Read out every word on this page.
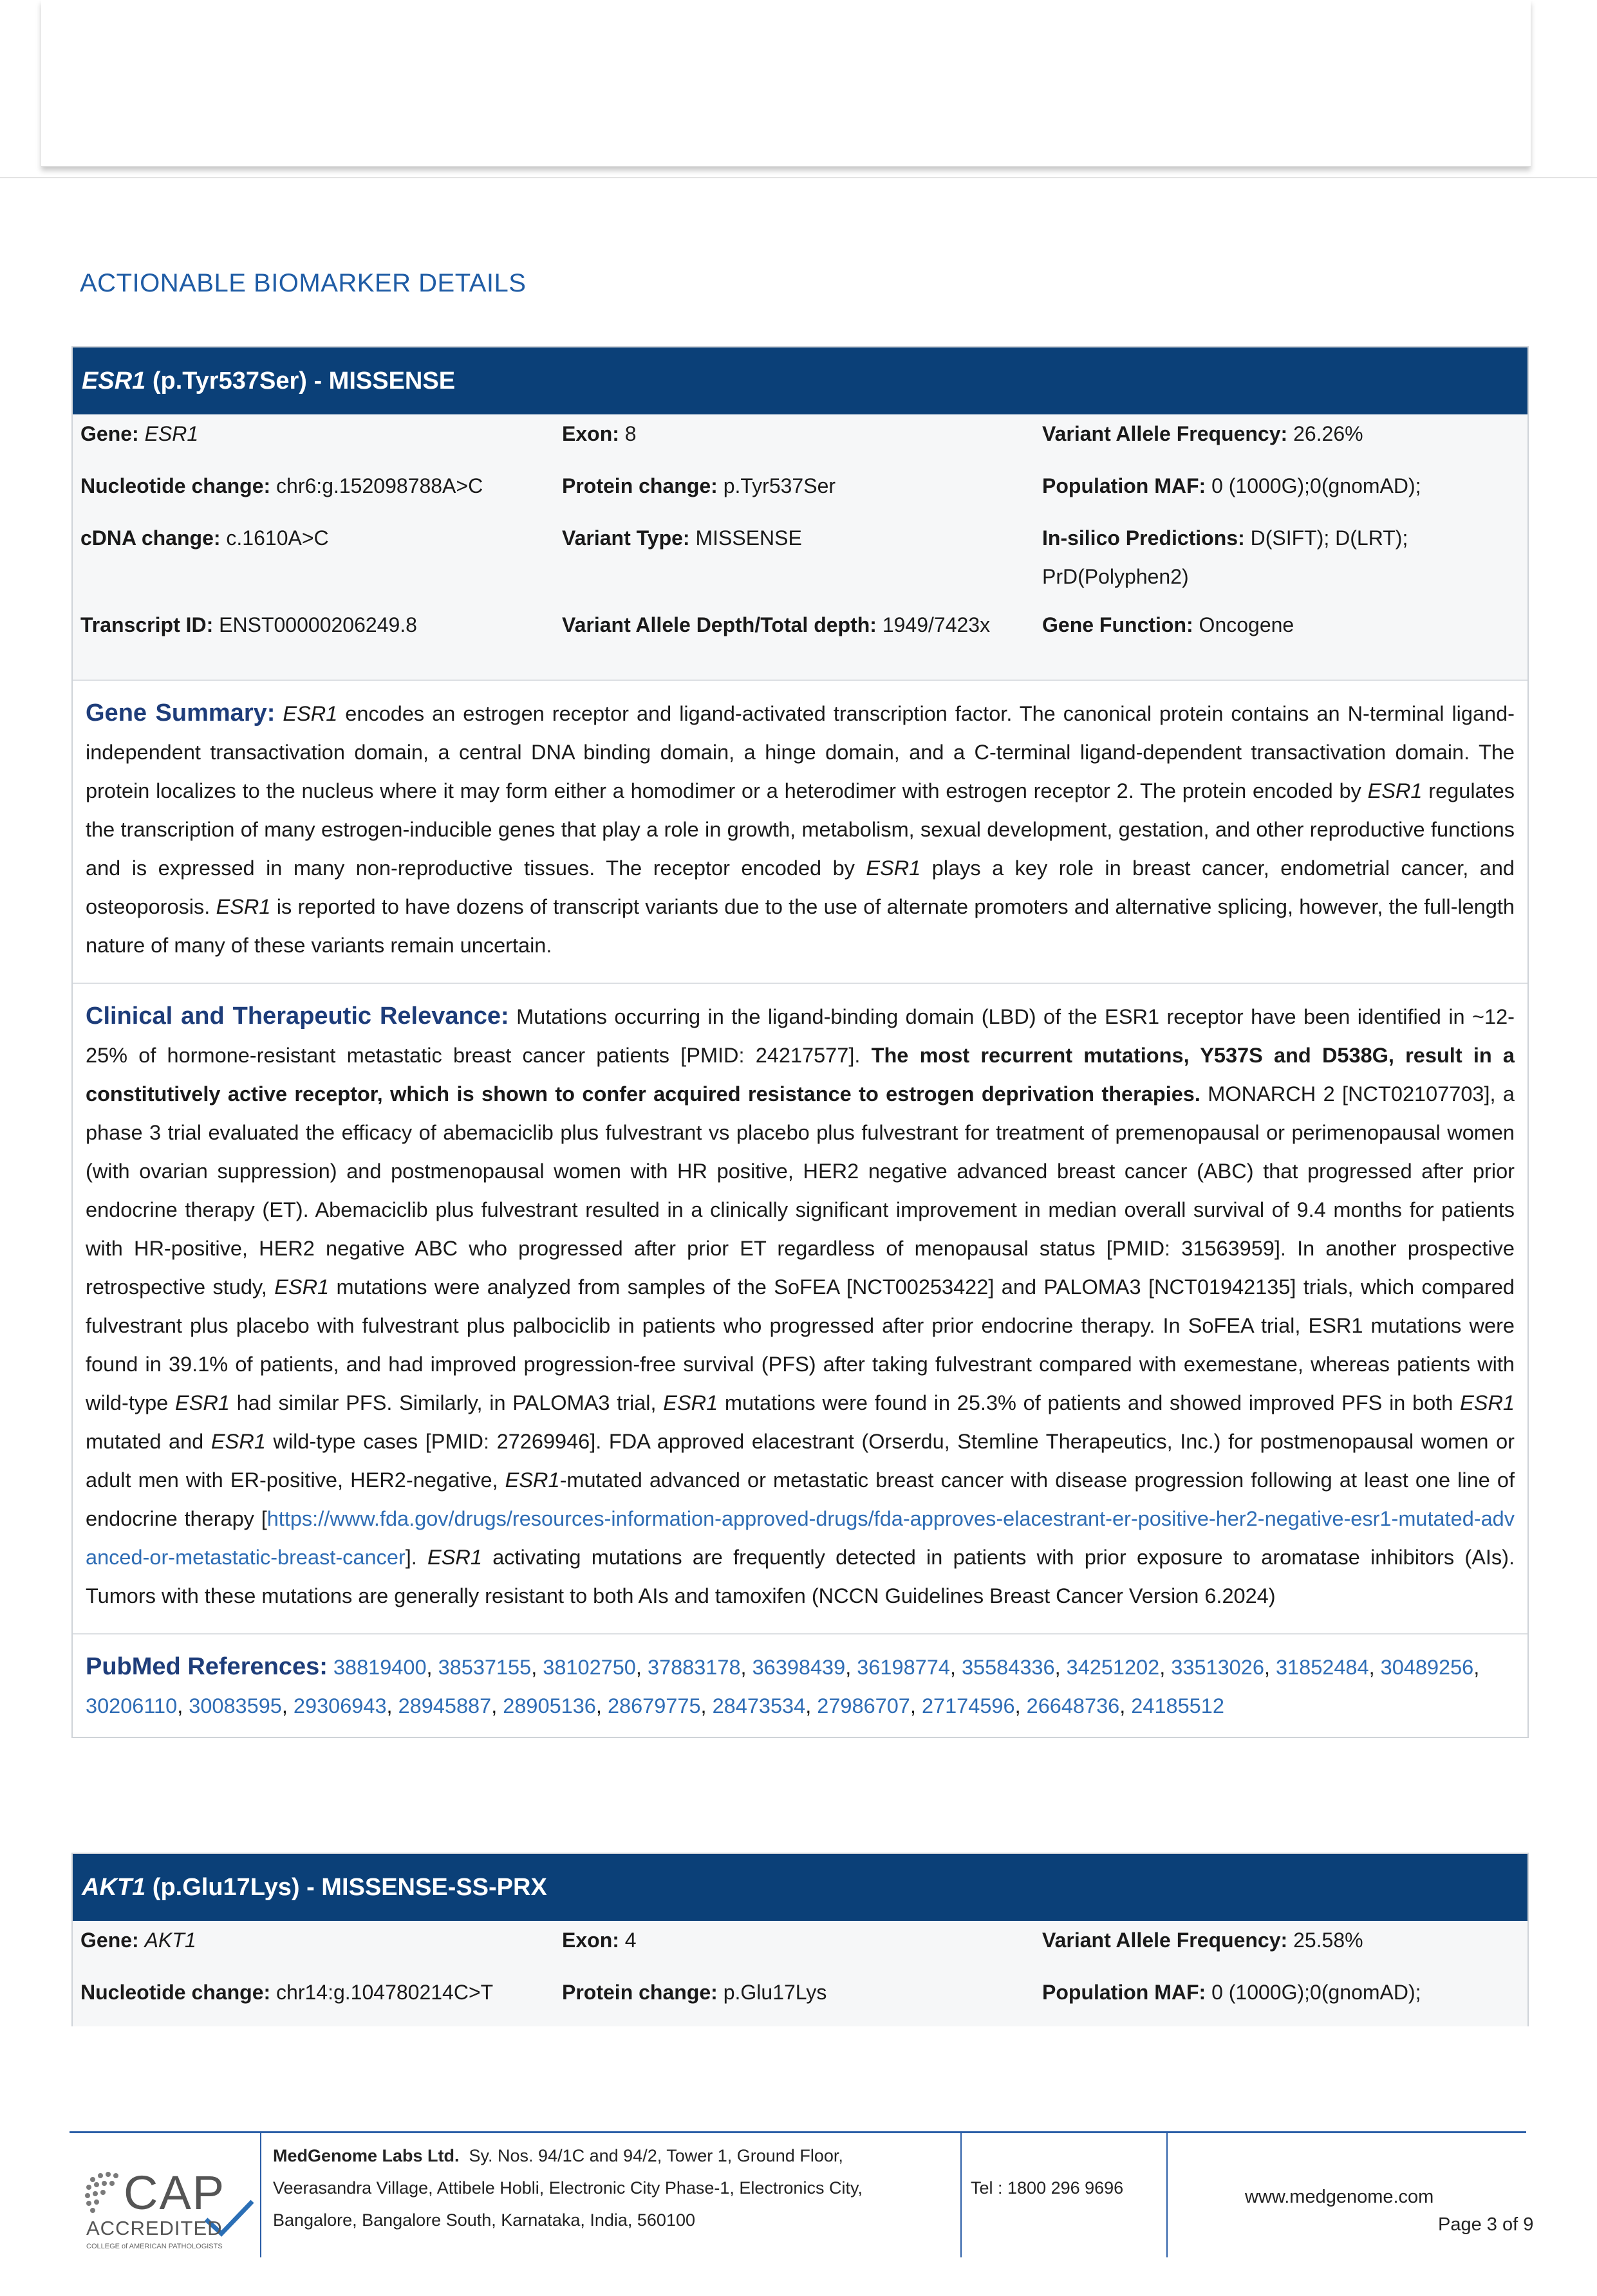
ACTIONABLE BIOMARKER DETAILS
ESR1 (p.Tyr537Ser) - MISSENSE
Gene: ESR1	Exon: 8	Variant Allele Frequency: 26.26%
Nucleotide change: chr6:g.152098788A>C	Protein change: p.Tyr537Ser	Population MAF: 0 (1000G);0(gnomAD);
cDNA change: c.1610A>C	Variant Type: MISSENSE	In-silico Predictions: D(SIFT); D(LRT);
PrD(Polyphen2)
Transcript ID: ENST00000206249.8	Variant Allele Depth/Total depth: 1949/7423x	Gene Function: Oncogene
Gene Summary: ESR1 encodes an estrogen receptor and ligand-activated transcription factor. The canonical protein contains an N-terminal ligand-independent transactivation domain, a central DNA binding domain, a hinge domain, and a C-terminal ligand-dependent transactivation domain. The protein localizes to the nucleus where it may form either a homodimer or a heterodimer with estrogen receptor 2. The protein encoded by ESR1 regulates the transcription of many estrogen-inducible genes that play a role in growth, metabolism, sexual development, gestation, and other reproductive functions and is expressed in many non-reproductive tissues. The receptor encoded by ESR1 plays a key role in breast cancer, endometrial cancer, and osteoporosis. ESR1 is reported to have dozens of transcript variants due to the use of alternate promoters and alternative splicing, however, the full-length nature of many of these variants remain uncertain.
Clinical and Therapeutic Relevance: Mutations occurring in the ligand-binding domain (LBD) of the ESR1 receptor have been identified in ~12-25% of hormone-resistant metastatic breast cancer patients [PMID: 24217577]. The most recurrent mutations, Y537S and D538G, result in a constitutively active receptor, which is shown to confer acquired resistance to estrogen deprivation therapies. MONARCH 2 [NCT02107703], a phase 3 trial evaluated the efficacy of abemaciclib plus fulvestrant vs placebo plus fulvestrant for treatment of premenopausal or perimenopausal women (with ovarian suppression) and postmenopausal women with HR positive, HER2 negative advanced breast cancer (ABC) that progressed after prior endocrine therapy (ET). Abemaciclib plus fulvestrant resulted in a clinically significant improvement in median overall survival of 9.4 months for patients with HR-positive, HER2 negative ABC who progressed after prior ET regardless of menopausal status [PMID: 31563959]. In another prospective retrospective study, ESR1 mutations were analyzed from samples of the SoFEA [NCT00253422] and PALOMA3 [NCT01942135] trials, which compared fulvestrant plus placebo with fulvestrant plus palbociclib in patients who progressed after prior endocrine therapy. In SoFEA trial, ESR1 mutations were found in 39.1% of patients, and had improved progression-free survival (PFS) after taking fulvestrant compared with exemestane, whereas patients with wild-type ESR1 had similar PFS. Similarly, in PALOMA3 trial, ESR1 mutations were found in 25.3% of patients and showed improved PFS in both ESR1 mutated and ESR1 wild-type cases [PMID: 27269946]. FDA approved elacestrant (Orserdu, Stemline Therapeutics, Inc.) for postmenopausal women or adult men with ER-positive, HER2-negative, ESR1-mutated advanced or metastatic breast cancer with disease progression following at least one line of endocrine therapy [https://www.fda.gov/drugs/resources-information-approved-drugs/fda-approves-elacestrant-er-positive-her2-negative-esr1-mutated-advanced-or-metastatic-breast-cancer]. ESR1 activating mutations are frequently detected in patients with prior exposure to aromatase inhibitors (AIs). Tumors with these mutations are generally resistant to both AIs and tamoxifen (NCCN Guidelines Breast Cancer Version 6.2024)
PubMed References: 38819400, 38537155, 38102750, 37883178, 36398439, 36198774, 35584336, 34251202, 33513026, 31852484, 30489256, 30206110, 30083595, 29306943, 28945887, 28905136, 28679775, 28473534, 27986707, 27174596, 26648736, 24185512
AKT1 (p.Glu17Lys) - MISSENSE-SS-PRX
Gene: AKT1	Exon: 4	Variant Allele Frequency: 25.58%
Nucleotide change: chr14:g.104780214C>T	Protein change: p.Glu17Lys	Population MAF: 0 (1000G);0(gnomAD);
CAP
ACCREDITED
COLLEGE of AMERICAN PATHOLOGISTS
MedGenome Labs Ltd.  Sy. Nos. 94/1C and 94/2, Tower 1, Ground Floor,
Veerasandra Village, Attibele Hobli, Electronic City Phase-1, Electronics City,
Bangalore, Bangalore South, Karnataka, India, 560100
Tel : 1800 296 9696	www.medgenome.com
Page 3 of 9
